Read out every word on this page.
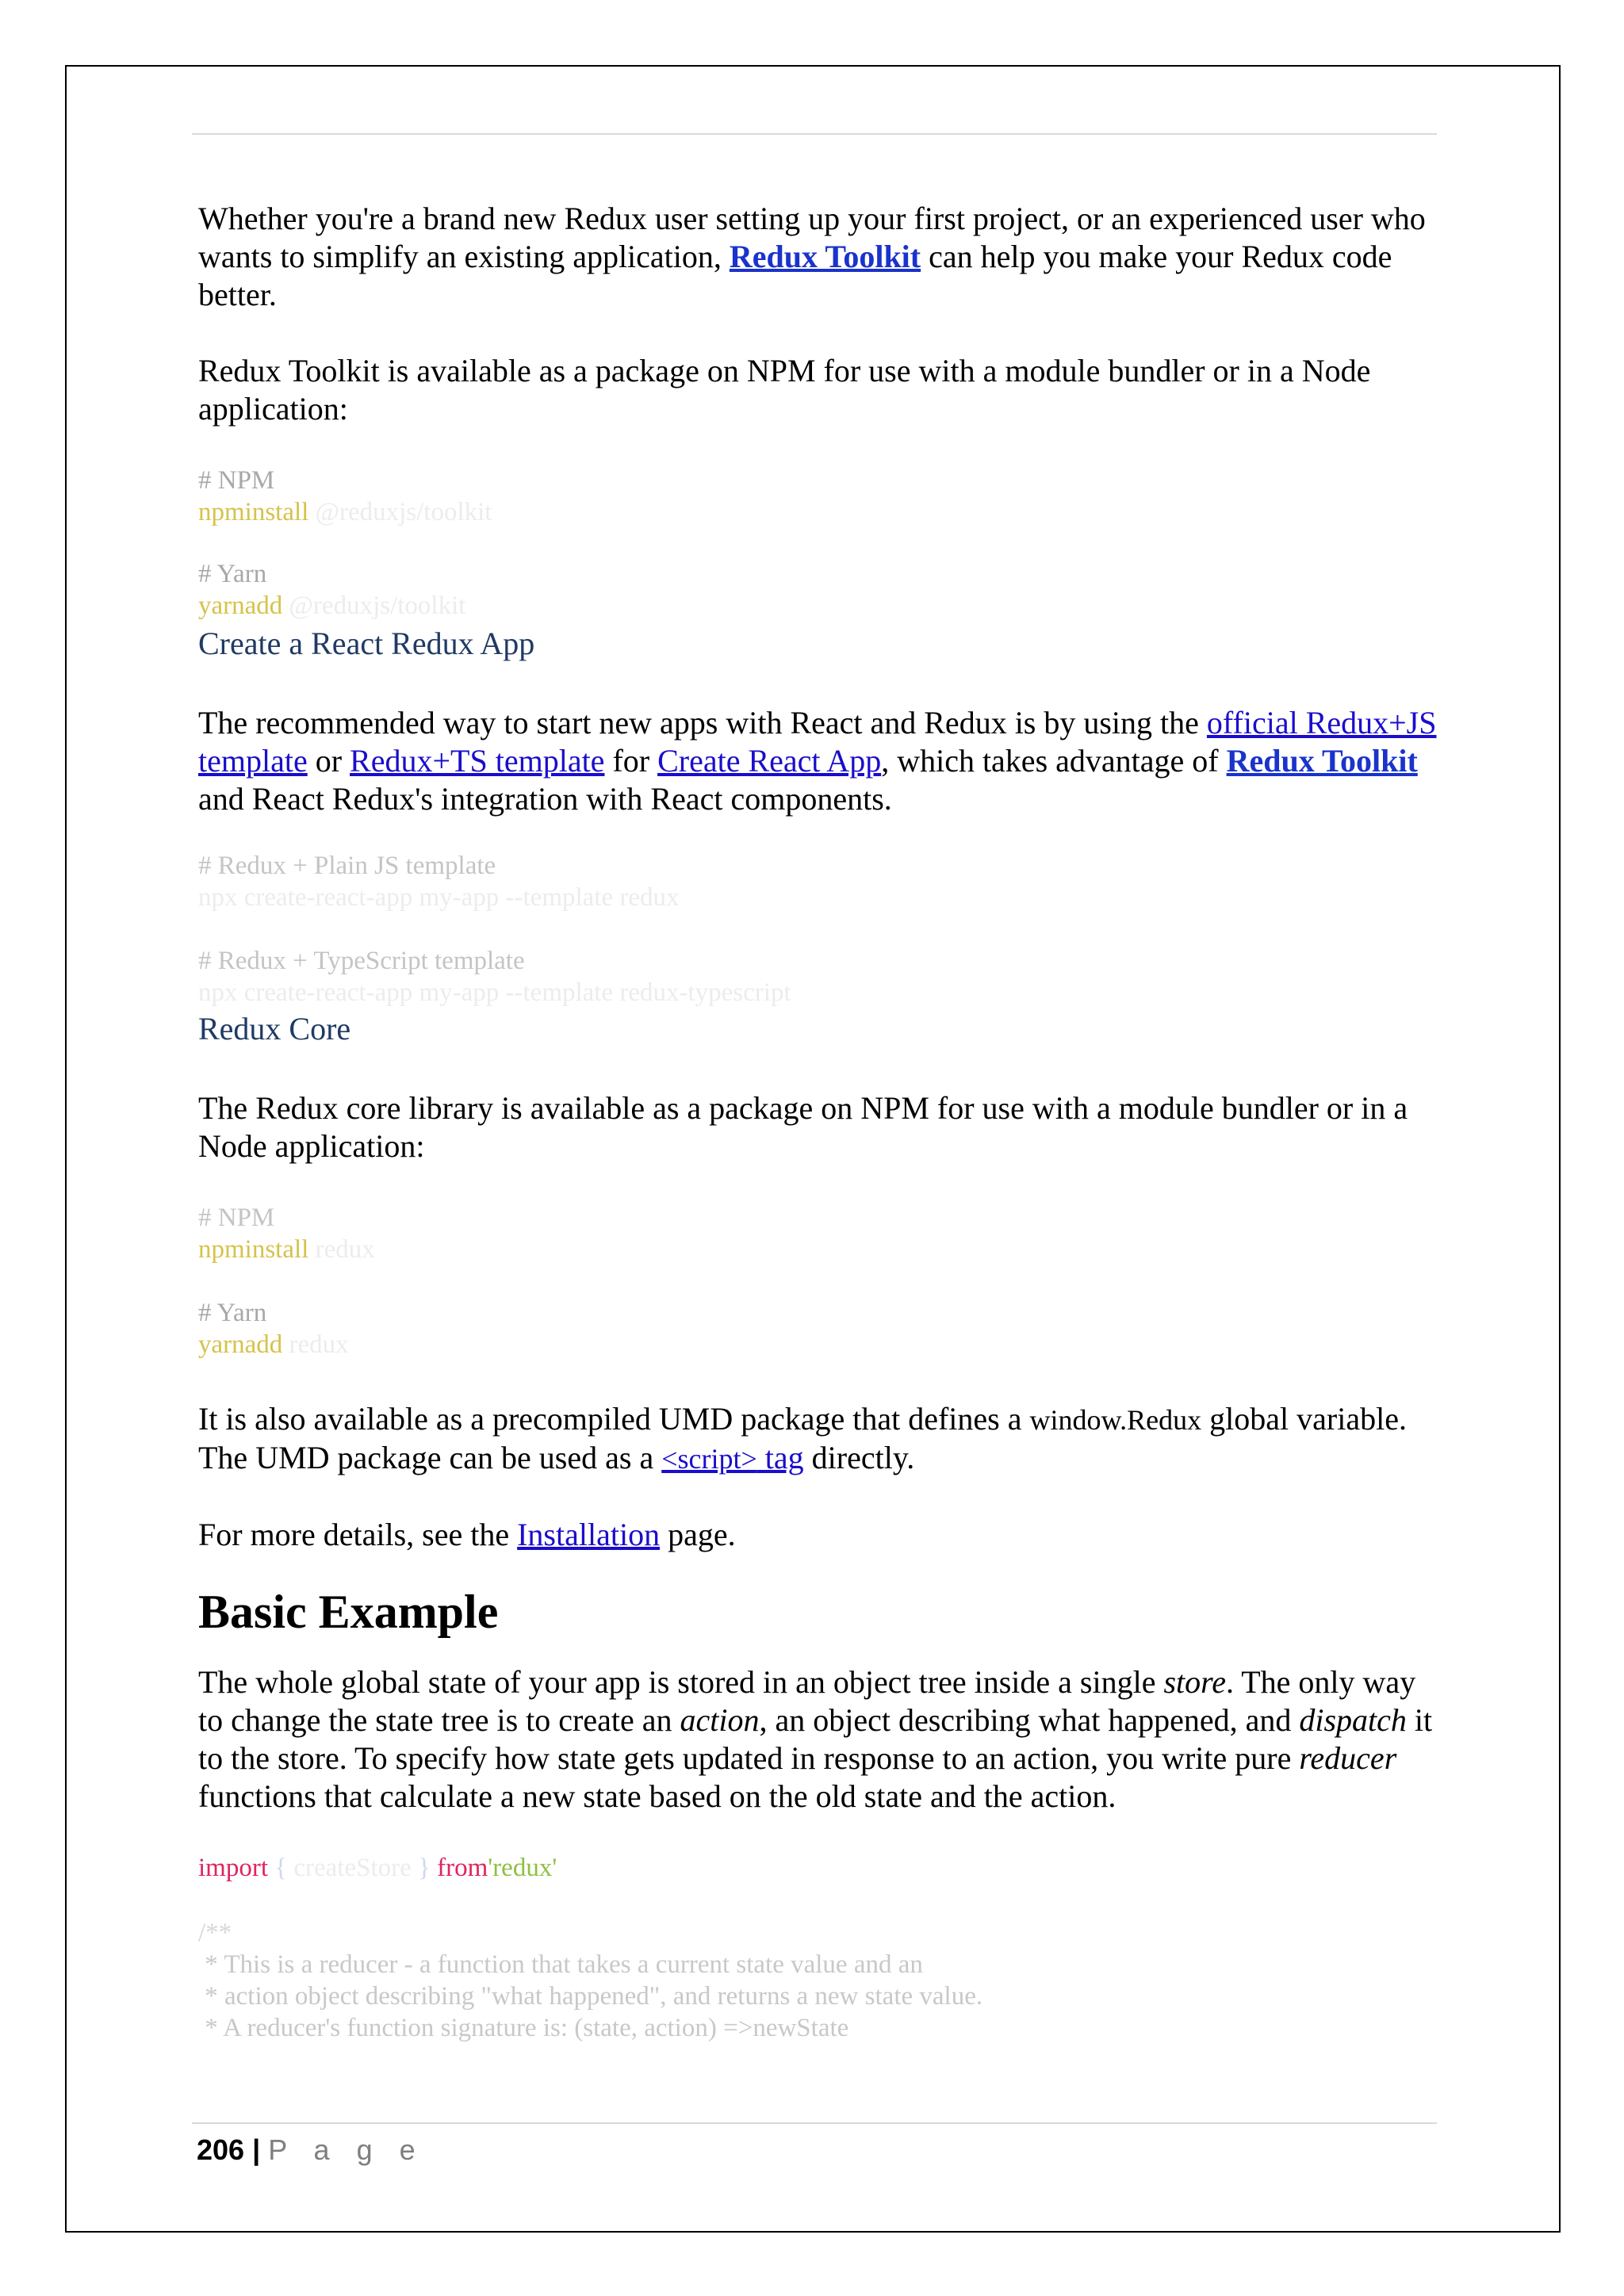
Whether you're a brand new Redux user setting up your first project, or an experienced user who wants to simplify an existing application, Redux Toolkit can help you make your Redux code better.

Redux Toolkit is available as a package on NPM for use with a module bundler or in a Node application:

# NPM
npminstall @reduxjs/toolkit
# Yarn
yarnadd @reduxjs/toolkit
Create a React Redux App

The recommended way to start new apps with React and Redux is by using the official Redux+JS template or Redux+TS template for Create React App, which takes advantage of Redux Toolkit and React Redux's integration with React components.

# Redux + Plain JS template
npx create-react-app my-app --template redux
# Redux + TypeScript template
npx create-react-app my-app --template redux-typescript
Redux Core

The Redux core library is available as a package on NPM for use with a module bundler or in a Node application:

# NPM
npminstall redux
# Yarn
yarnadd redux

It is also available as a precompiled UMD package that defines a window.Redux global variable. The UMD package can be used as a <script> tag directly.

For more details, see the Installation page.

Basic Example

The whole global state of your app is stored in an object tree inside a single store. The only way to change the state tree is to create an action, an object describing what happened, and dispatch it to the store. To specify how state gets updated in response to an action, you write pure reducer functions that calculate a new state based on the old state and the action.

import { createStore } from'redux'
/**
* This is a reducer - a function that takes a current state value and an
* action object describing "what happened", and returns a new state value.
* A reducer's function signature is: (state, action) =>newState
206 | P a g e
